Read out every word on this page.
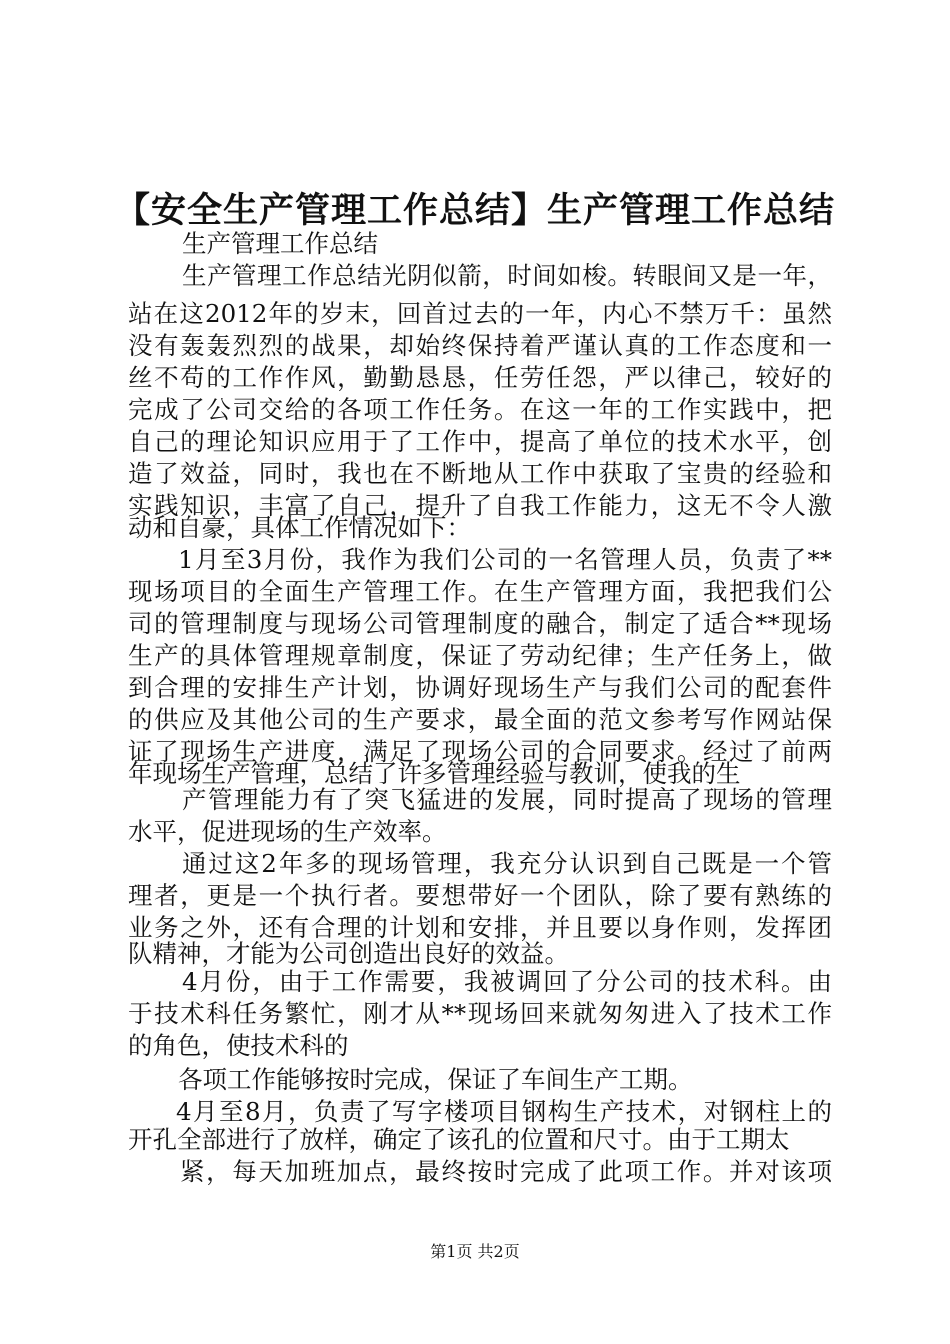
【安全生产管理工作总结】生产管理工作总结
生产管理工作总结
生产管理工作总结光阴似箭，时间如梭。转眼间又是一年，
站在这2012年的岁末，回首过去的一年，内心不禁万千：虽然
没有轰轰烈烈的战果，却始终保持着严谨认真的工作态度和一
丝不苟的工作作风，勤勤恳恳，任劳任怨，严以律己，较好的
完成了公司交给的各项工作任务。在这一年的工作实践中，把
自己的理论知识应用于了工作中，提高了单位的技术水平，创
造了效益，同时，我也在不断地从工作中获取了宝贵的经验和
实践知识，丰富了自己，提升了自我工作能力，这无不令人激
动和自豪，具体工作情况如下：
1月至3月份，我作为我们公司的一名管理人员，负责了**
现场项目的全面生产管理工作。在生产管理方面，我把我们公
司的管理制度与现场公司管理制度的融合，制定了适合**现场
生产的具体管理规章制度，保证了劳动纪律；生产任务上，做
到合理的安排生产计划，协调好现场生产与我们公司的配套件
的供应及其他公司的生产要求，最全面的范文参考写作网站保
证了现场生产进度，满足了现场公司的合同要求。经过了前两
年现场生产管理，总结了许多管理经验与教训，使我的生
产管理能力有了突飞猛进的发展，同时提高了现场的管理
水平，促进现场的生产效率。
通过这2年多的现场管理，我充分认识到自己既是一个管
理者，更是一个执行者。要想带好一个团队，除了要有熟练的
业务之外，还有合理的计划和安排，并且要以身作则，发挥团
队精神，才能为公司创造出良好的效益。
4月份，由于工作需要，我被调回了分公司的技术科。由
于技术科任务繁忙，刚才从**现场回来就匆匆进入了技术工作
的角色，使技术科的
各项工作能够按时完成，保证了车间生产工期。
4月至8月，负责了写字楼项目钢构生产技术，对钢柱上的
开孔全部进行了放样，确定了该孔的位置和尺寸。由于工期太
紧，每天加班加点，最终按时完成了此项工作。并对该项
第1页 共2页
